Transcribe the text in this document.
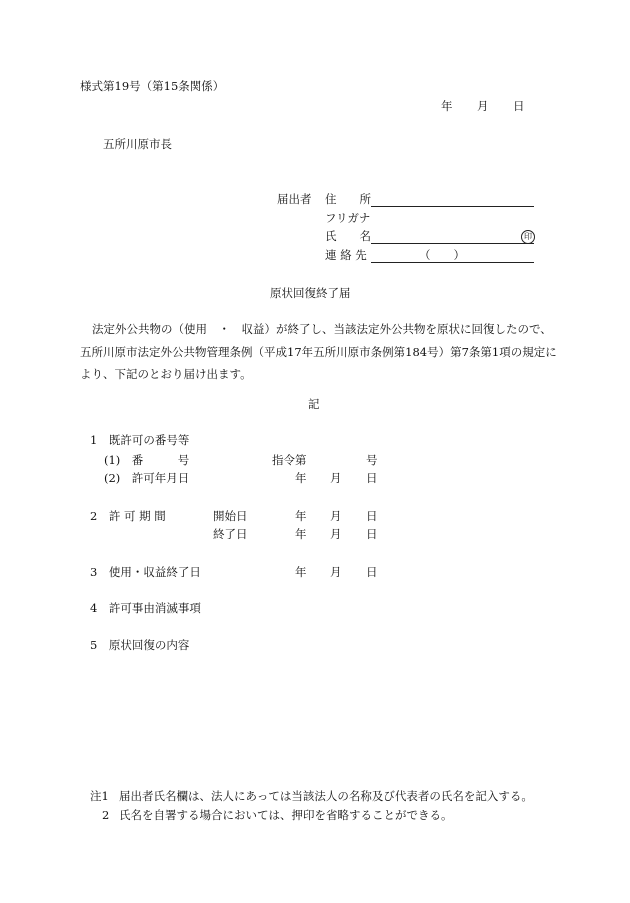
様式第19号（第15条関係）
年 月 日
五所川原市長
届出者 住　　所
フリガナ
氏　　名	印
連 絡 先	（　　）
原状回復終了届
法定外公共物の（使用　・　収益）が終了し、当該法定外公共物を原状に回復したので、
五所川原市法定外公共物管理条例（平成17年五所川原市条例第184号）第7条第1項の規定に
より、下記のとおり届け出ます。
記
1　既許可の番号等
(1)　番　　　号	指令第	号
(2)　許可年月日	年 月 日
2　許 可 期 間	開始日	年 月 日
終了日	年 月 日
3　使用・収益終了日	年 月 日
4　許可事由消滅事項
5　原状回復の内容
注1 届出者氏名欄は、法人にあっては当該法人の名称及び代表者の氏名を記入する。
2 氏名を自署する場合においては、押印を省略することができる。
